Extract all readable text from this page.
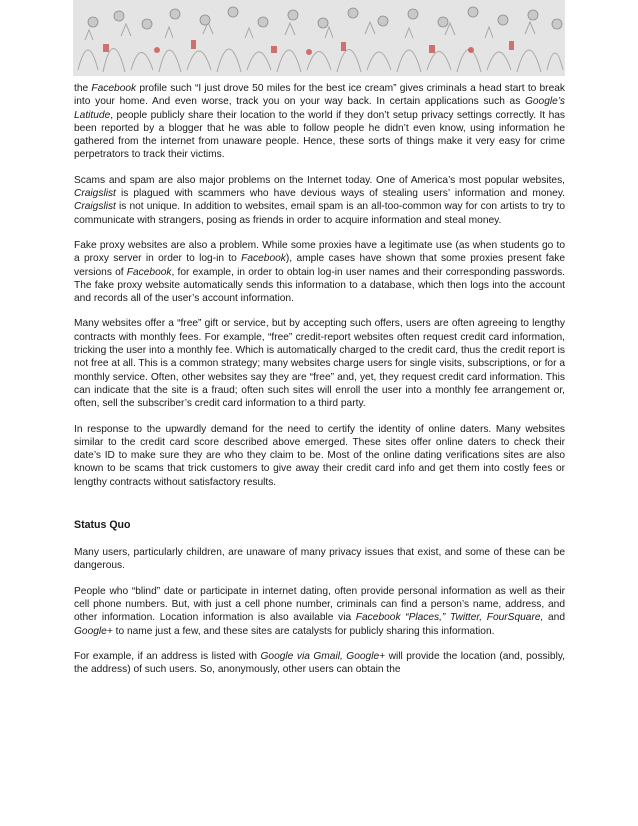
the Facebook profile such “I just drove 50 miles for the best ice cream” gives criminals a head start to break into your home. And even worse, track you on your way back. In certain applications such as Google’s Latitude, people publicly share their location to the world if they don’t setup privacy settings correctly. It has been reported by a blogger that he was able to follow people he didn’t even know, using information he gathered from the internet from unaware people. Hence, these sorts of things make it very easy for crime perpetrators to track their victims.

Scams and spam are also major problems on the Internet today. One of America’s most popular websites, Craigslist is plagued with scammers who have devious ways of stealing users’ information and money. Craigslist is not unique. In addition to websites, email spam is an all-too-common way for con artists to try to communicate with strangers, posing as friends in order to acquire information and steal money.

Fake proxy websites are also a problem. While some proxies have a legitimate use (as when students go to a proxy server in order to log-in to Facebook), ample cases have shown that some proxies present fake versions of Facebook, for example, in order to obtain log-in user names and their corresponding passwords. The fake proxy website automatically sends this information to a database, which then logs into the account and records all of the user’s account information.

Many websites offer a “free” gift or service, but by accepting such offers, users are often agreeing to lengthy contracts with monthly fees. For example, “free” credit-report websites often request credit card information, tricking the user into a monthly fee. Which is automatically charged to the credit card, thus the credit report is not free at all. This is a common strategy; many websites charge users for single visits, subscriptions, or for a monthly service. Often, other websites say they are “free” and, yet, they request credit card information. This can indicate that the site is a fraud; often such sites will enroll the user into a monthly fee arrangement or, often, sell the subscriber’s credit card information to a third party.

In response to the upwardly demand for the need to certify the identity of online daters. Many websites similar to the credit card score described above emerged. These sites offer online daters to check their date’s ID to make sure they are who they claim to be. Most of the online dating verifications sites are also known to be scams that trick customers to give away their credit card info and get them into costly fees or lengthy contracts without satisfactory results.

Status Quo

Many users, particularly children, are unaware of many privacy issues that exist, and some of these can be dangerous.

People who “blind” date or participate in internet dating, often provide personal information as well as their cell phone numbers. But, with just a cell phone number, criminals can find a person’s name, address, and other information. Location information is also available via Facebook “Places,” Twitter, FourSquare, and Google+ to name just a few, and these sites are catalysts for publicly sharing this information.

For example, if an address is listed with Google via Gmail, Google+ will provide the location (and, possibly, the address) of such users. So, anonymously, other users can obtain the
